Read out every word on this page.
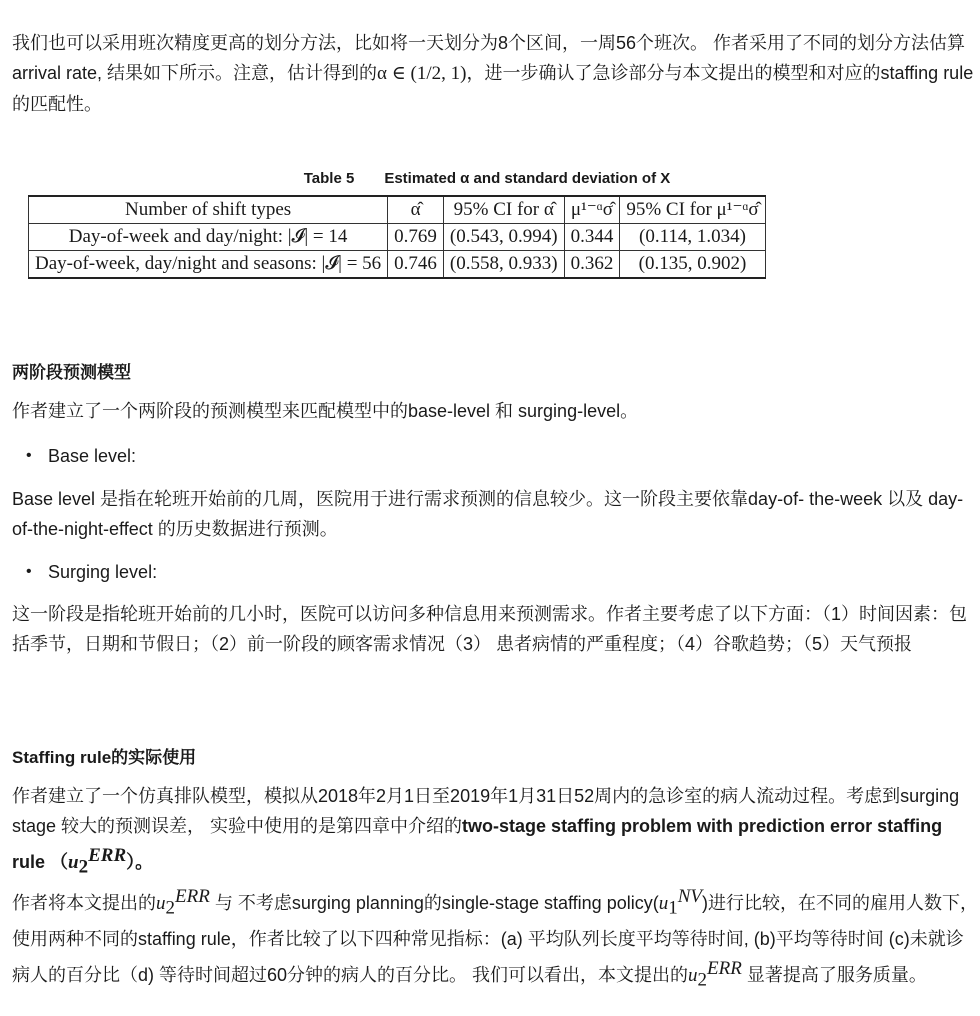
我们也可以采用班次精度更高的划分方法，比如将一天划分为8个区间，一周56个班次。 作者采用了不同的划分方法估算arrival rate, 结果如下所示。注意，估计得到的α ∈ (1/2, 1)，进一步确认了急诊部分与本文提出的模型和对应的staffing rule的匹配性。

Table 5 Estimated α and standard deviation of X
Number of shift types	α̂	95% CI for α̂	μ¹⁻ᵅσ̂	95% CI for μ¹⁻ᵅσ̂
Day-of-week and day/night: |𝓘| = 14	0.769	(0.543, 0.994)	0.344	(0.114, 1.034)
Day-of-week, day/night and seasons: |𝓘| = 56	0.746	(0.558, 0.933)	0.362	(0.135, 0.902)
两阶段预测模型

作者建立了一个两阶段的预测模型来匹配模型中的base-level 和 surging-level。

• Base level:

Base level 是指在轮班开始前的几周，医院用于进行需求预测的信息较少。这一阶段主要依靠day-of- the-week 以及 day-of-the-night-effect 的历史数据进行预测。

• Surging level:

这一阶段是指轮班开始前的几小时，医院可以访问多种信息用来预测需求。作者主要考虑了以下方面：（1）时间因素：包括季节，日期和节假日；（2）前一阶段的顾客需求情况（3） 患者病情的严重程度；（4）谷歌趋势；（5）天气预报

Staffing rule的实际使用

作者建立了一个仿真排队模型，模拟从2018年2月1日至2019年1月31日52周内的急诊室的病人流动过程。考虑到surging stage 较大的预测误差， 实验中使用的是第四章中介绍的two-stage staffing problem with prediction error staffing rule $(u_2^{ERR})$。

作者将本文提出的$u_2^{ERR}$ 与 不考虑surging planning的single-stage staffing $policy(u_1^{NV})$进行比较，在不同的雇用人数下， 使用两种不同的staffing rule，作者比较了以下四种常见指标：(a) 平均队列长度平均等待时间, (b)平均等待时间 (c)未就诊病人的百分比（d) 等待时间超过60分钟的病人的百分比。 我们可以看出，本文提出的$u_2^{ERR}$ 显著提高了服务质量。
